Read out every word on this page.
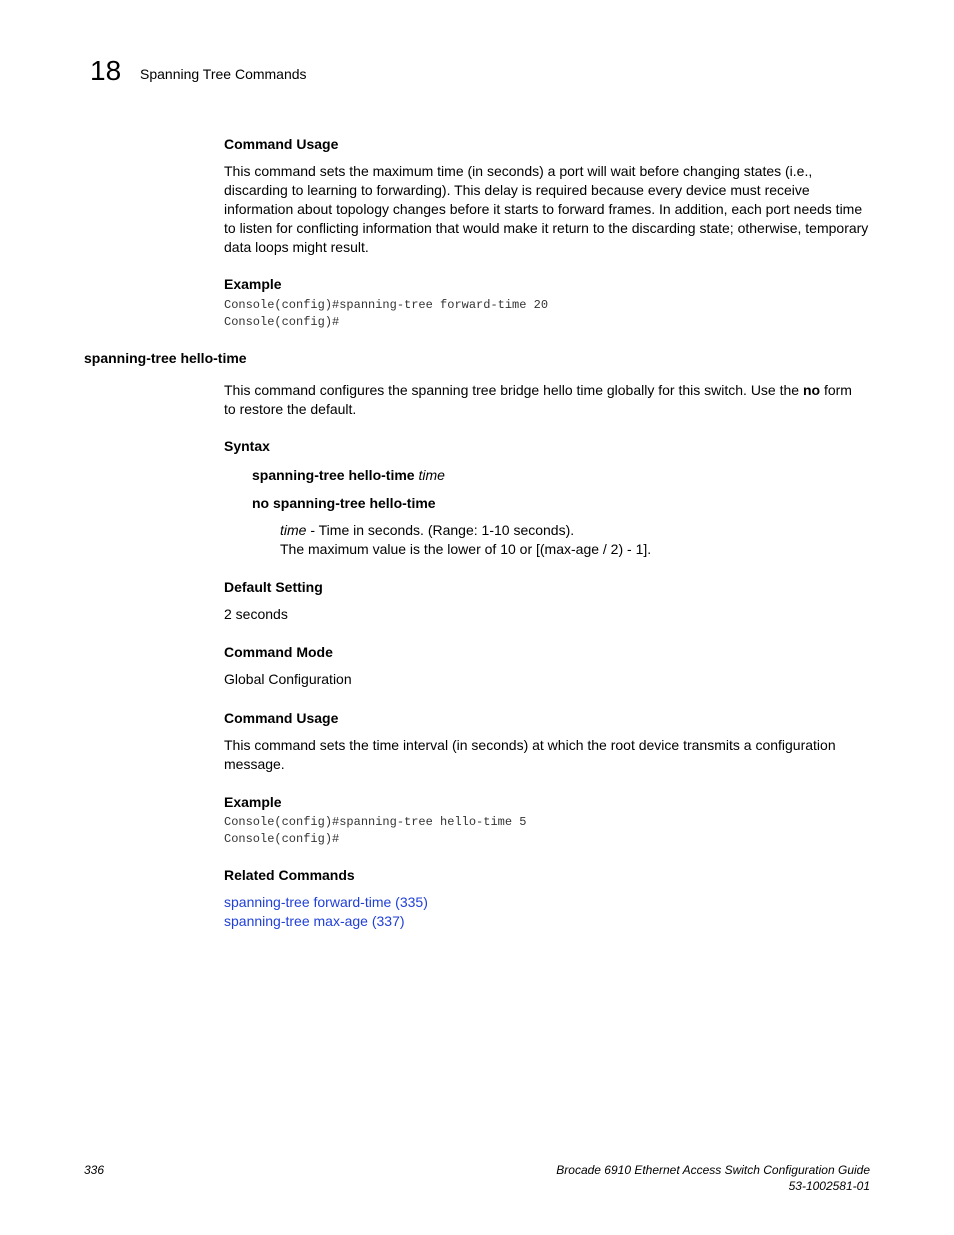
18 Spanning Tree Commands
Command Usage

This command sets the maximum time (in seconds) a port will wait before changing states (i.e., discarding to learning to forwarding). This delay is required because every device must receive information about topology changes before it starts to forward frames. In addition, each port needs time to listen for conflicting information that would make it return to the discarding state; otherwise, temporary data loops might result.

Example
Console(config)#spanning-tree forward-time 20
Console(config)#
spanning-tree hello-time

This command configures the spanning tree bridge hello time globally for this switch. Use the no form to restore the default.

Syntax
spanning-tree hello-time time
no spanning-tree hello-time
time - Time in seconds. (Range: 1-10 seconds).
The maximum value is the lower of 10 or [(max-age / 2) - 1].
Default Setting
2 seconds
Command Mode
Global Configuration
Command Usage

This command sets the time interval (in seconds) at which the root device transmits a configuration message.

Example
Console(config)#spanning-tree hello-time 5
Console(config)#
Related Commands
spanning-tree forward-time (335)
spanning-tree max-age (337)
336	Brocade 6910 Ethernet Access Switch Configuration Guide
53-1002581-01
